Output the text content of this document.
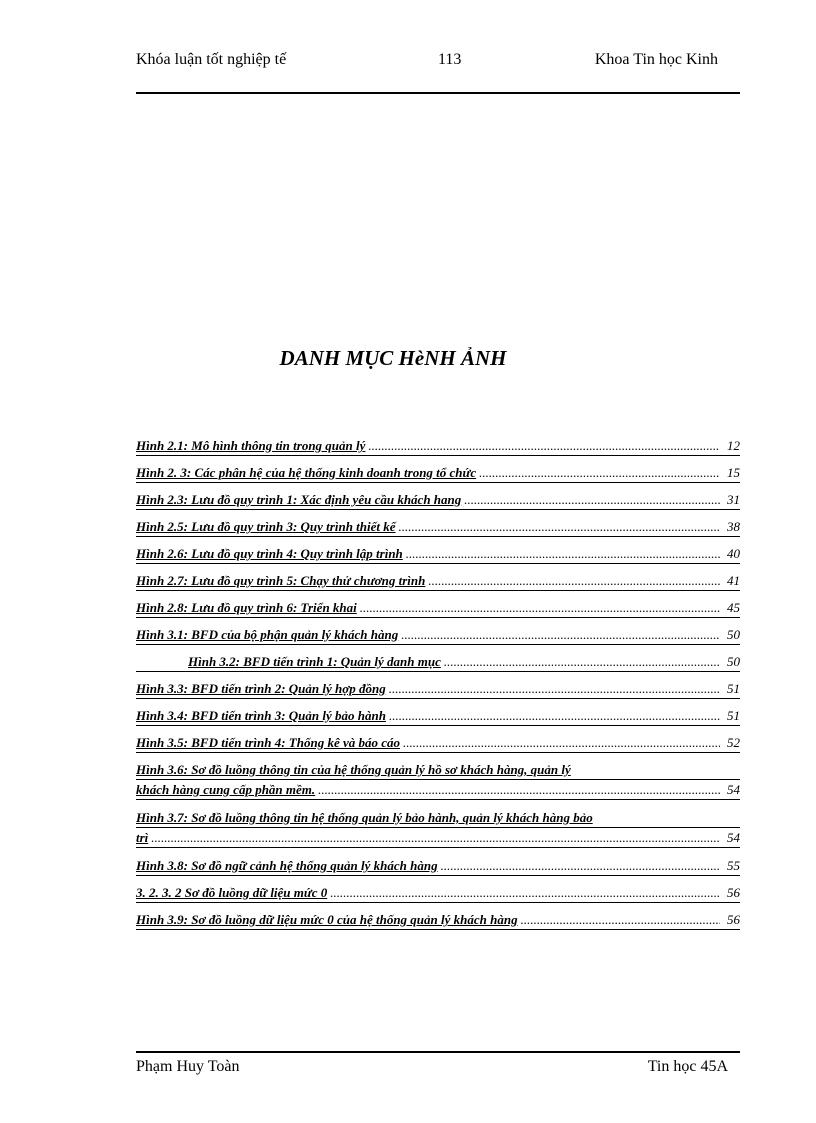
Khóa luận tốt nghiệp tế	113	Khoa Tin học Kinh
DANH MỤC HèNH ẢNH
Hình 2.1: Mô hình thông tin trong quản lý .....	12
Hình 2. 3: Các phân hệ của hệ thống kinh doanh trong tổ chức .....	15
Hình 2.3: Lưu đồ quy trình 1: Xác định yêu cầu khách hang .....	31
Hình 2.5: Lưu đồ quy trình 3: Quy trình thiết kế .....	38
Hình 2.6: Lưu đồ quy trình 4: Quy trình lập trình .....	40
Hình 2.7: Lưu đồ quy trình 5: Chạy thử chương trình .....	41
Hình 2.8: Lưu đồ quy trình 6: Triển khai .....	45
Hình 3.1: BFD của bộ phận quản lý khách hàng .....	50
Hình 3.2: BFD tiến trình 1: Quản lý danh mục .....	50
Hình 3.3: BFD tiến trình 2: Quản lý hợp đồng .....	51
Hình 3.4: BFD tiến trình 3: Quản lý bảo hành .....	51
Hình 3.5: BFD tiến trình 4: Thống kê và báo cáo .....	52
Hình 3.6: Sơ đồ luồng thông tin của hệ thống quản lý hồ sơ khách hàng, quản lý
khách hàng cung cấp phần mềm. .....	54
Hình 3.7: Sơ đồ luồng thông tin hệ thống quản lý bảo hành, quản lý khách hàng bảo
trì .....	54
Hình 3.8: Sơ đồ ngữ cảnh hệ thống quản lý khách hàng .....	55
3. 2. 3. 2 Sơ đồ luồng dữ liệu mức 0 .....	56
Hình 3.9: Sơ đồ luồng dữ liệu mức 0 của hệ thống quản lý khách hàng .....	56
Phạm Huy Toàn	Tin học 45A
